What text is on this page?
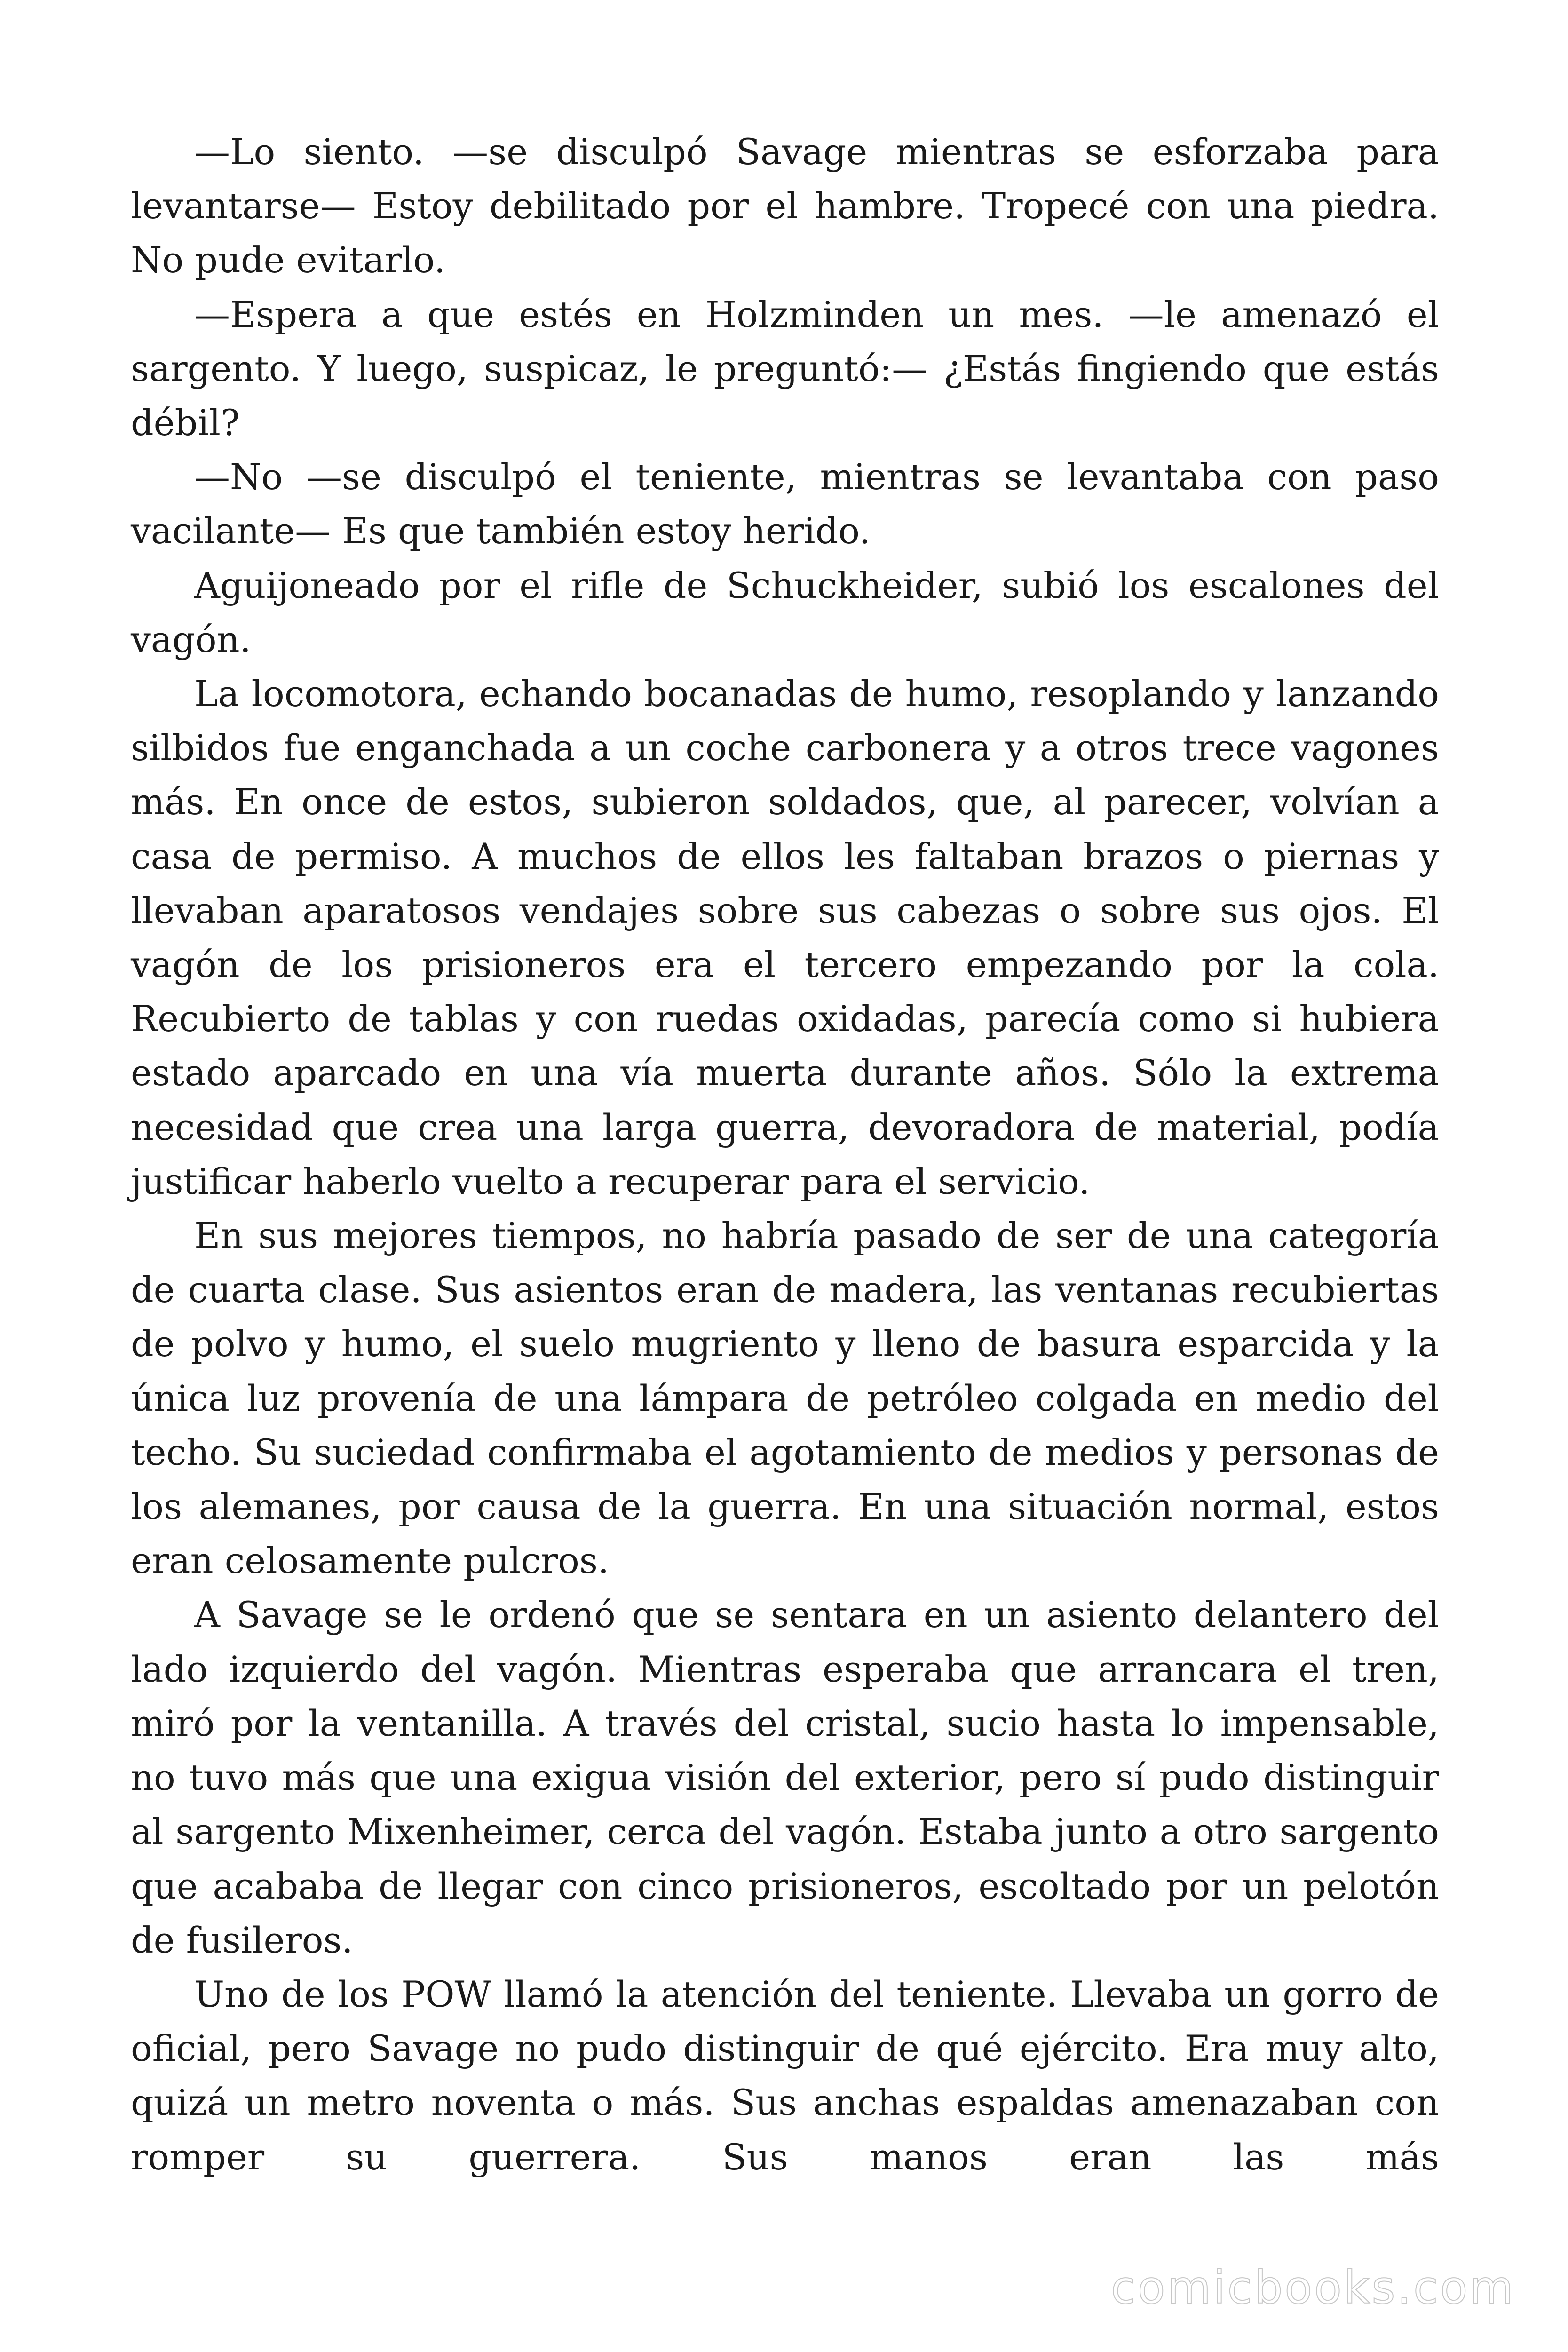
—Lo siento. —se disculpó Savage mientras se esforzaba para levantarse— Estoy debilitado por el hambre. Tropecé con una piedra. No pude evitarlo.

—Espera a que estés en Holzminden un mes. —le amenazó el sargento. Y luego, suspicaz, le preguntó:— ¿Estás fingiendo que estás débil?

—No —se disculpó el teniente, mientras se levantaba con paso vacilante— Es que también estoy herido.

Aguijoneado por el rifle de Schuckheider, subió los escalones del vagón.

La locomotora, echando bocanadas de humo, resoplando y lanzando silbidos fue enganchada a un coche carbonera y a otros trece vagones más. En once de estos, subieron soldados, que, al parecer, volvían a casa de permiso. A muchos de ellos les faltaban brazos o piernas y llevaban aparatosos vendajes sobre sus cabezas o sobre sus ojos. El vagón de los prisioneros era el tercero empezando por la cola. Recubierto de tablas y con ruedas oxidadas, parecía como si hubiera estado aparcado en una vía muerta durante años. Sólo la extrema necesidad que crea una larga guerra, devoradora de material, podía justificar haberlo vuelto a recuperar para el servicio.

En sus mejores tiempos, no habría pasado de ser de una categoría de cuarta clase. Sus asientos eran de madera, las ventanas recubiertas de polvo y humo, el suelo mugriento y lleno de basura esparcida y la única luz provenía de una lámpara de petróleo colgada en medio del techo. Su suciedad confirmaba el agotamiento de medios y personas de los alemanes, por causa de la guerra. En una situación normal, estos eran celosamente pulcros.

A Savage se le ordenó que se sentara en un asiento delantero del lado izquierdo del vagón. Mientras esperaba que arrancara el tren, miró por la ventanilla. A través del cristal, sucio hasta lo impensable, no tuvo más que una exigua visión del exterior, pero sí pudo distinguir al sargento Mixenheimer, cerca del vagón. Estaba junto a otro sargento que acababa de llegar con cinco prisioneros, escoltado por un pelotón de fusileros.

Uno de los POW llamó la atención del teniente. Llevaba un gorro de oficial, pero Savage no pudo distinguir de qué ejército. Era muy alto, quizá un metro noventa o más. Sus anchas espaldas amenazaban con romper su guerrera. Sus manos eran las más

comicbooks.com
